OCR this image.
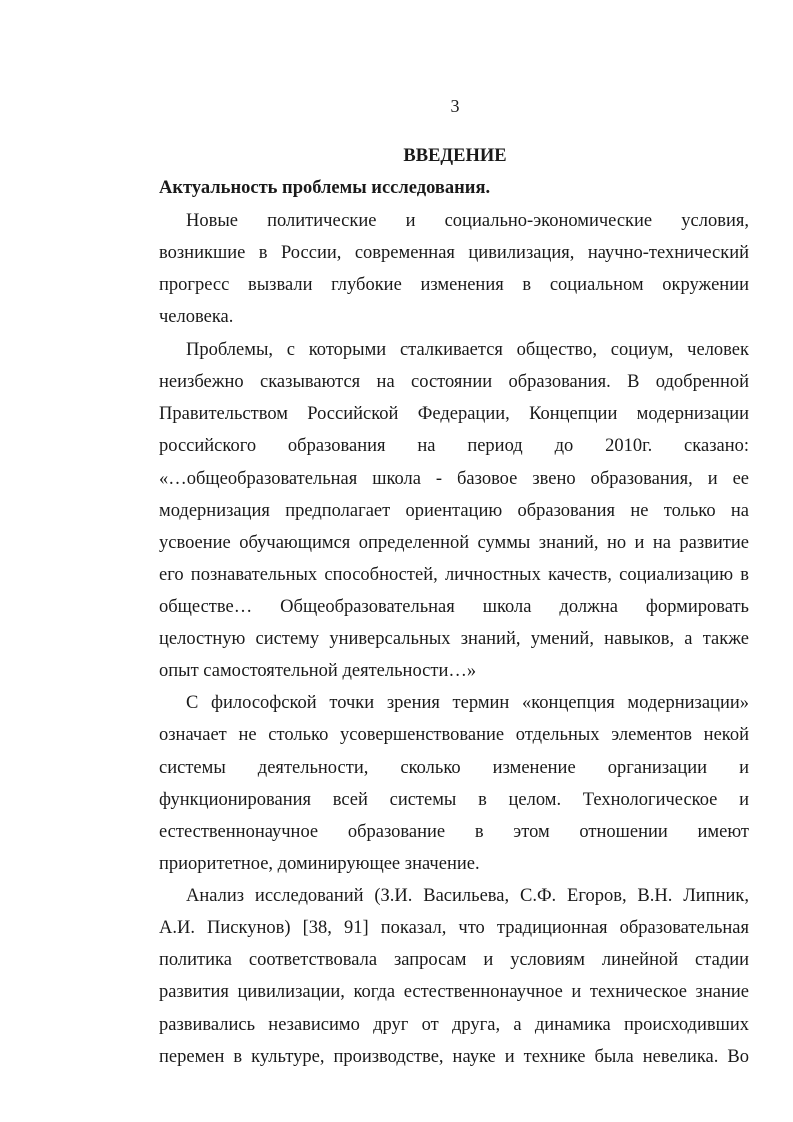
3
ВВЕДЕНИЕ
Актуальность проблемы исследования.
Новые политические и социально-экономические условия,
возникшие в России, современная цивилизация, научно-технический
прогресс вызвали глубокие изменения в социальном окружении
человека.
Проблемы, с которыми сталкивается общество, социум, человек
неизбежно сказываются на состоянии образования. В одобренной
Правительством Российской Федерации, Концепции модернизации
российского образования на период до 2010г. сказано:
«…общеобразовательная школа - базовое звено образования, и ее
модернизация предполагает ориентацию образования не только на
усвоение обучающимся определенной суммы знаний, но и на развитие
его познавательных способностей, личностных качеств, социализацию в
обществе… Общеобразовательная школа должна формировать
целостную систему универсальных знаний, умений, навыков, а также
опыт самостоятельной деятельности…»
С философской точки зрения термин «концепция модернизации»
означает не столько усовершенствование отдельных элементов некой
системы деятельности, сколько изменение организации и
функционирования всей системы в целом. Технологическое и
естественнонаучное образование в этом отношении имеют
приоритетное, доминирующее значение.
Анализ исследований (З.И. Васильева, С.Ф. Егоров, В.Н. Липник,
А.И. Пискунов) [38, 91] показал, что традиционная образовательная
политика соответствовала запросам и условиям линейной стадии
развития цивилизации, когда естественнонаучное и техническое знание
развивались независимо друг от друга, а динамика происходивших
перемен в культуре, производстве, науке и технике была невелика. Во
